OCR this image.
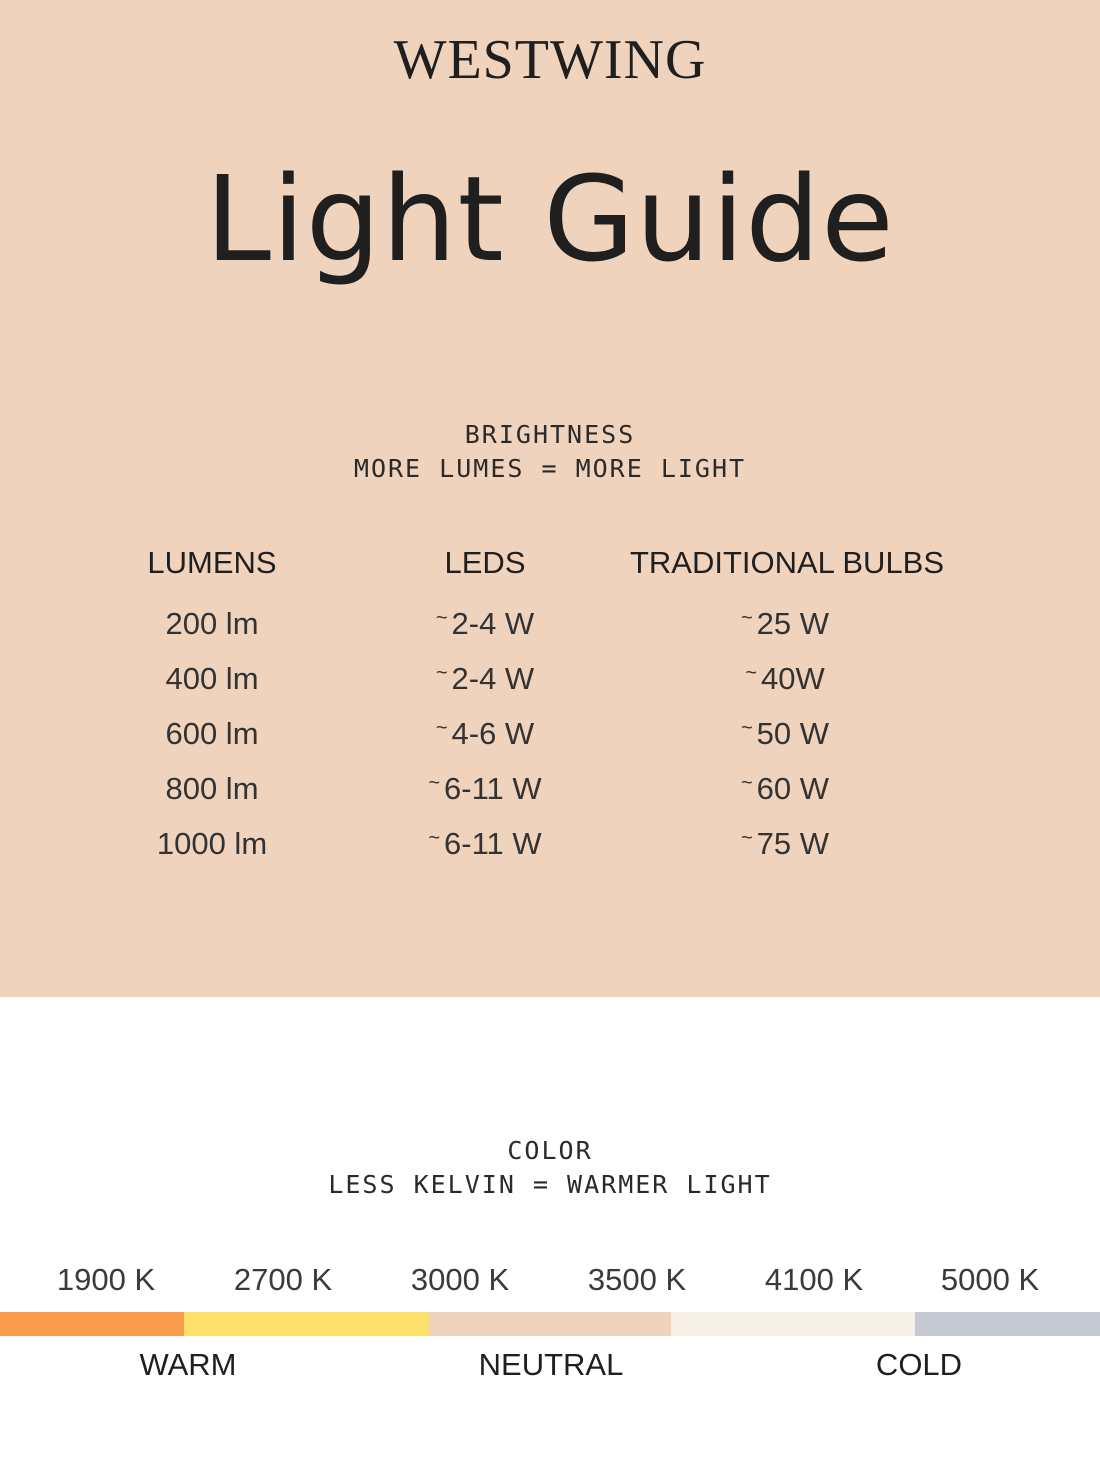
WESTWING
Light Guide
BRIGHTNESS
MORE LUMES = MORE LIGHT
LUMENS	LEDS	TRADITIONAL BULBS
200 lm	~ 2-4 W	~ 25 W
400 lm	~ 2-4 W	~ 40W
600 lm	~ 4-6 W	~ 50 W
800 lm	~ 6-11 W	~ 60 W
1000 lm	~ 6-11 W	~ 75 W
COLOR
LESS KELVIN = WARMER LIGHT
1900 K	2700 K	3000 K	3500 K	4100 K	5000 K
WARM	NEUTRAL	COLD
